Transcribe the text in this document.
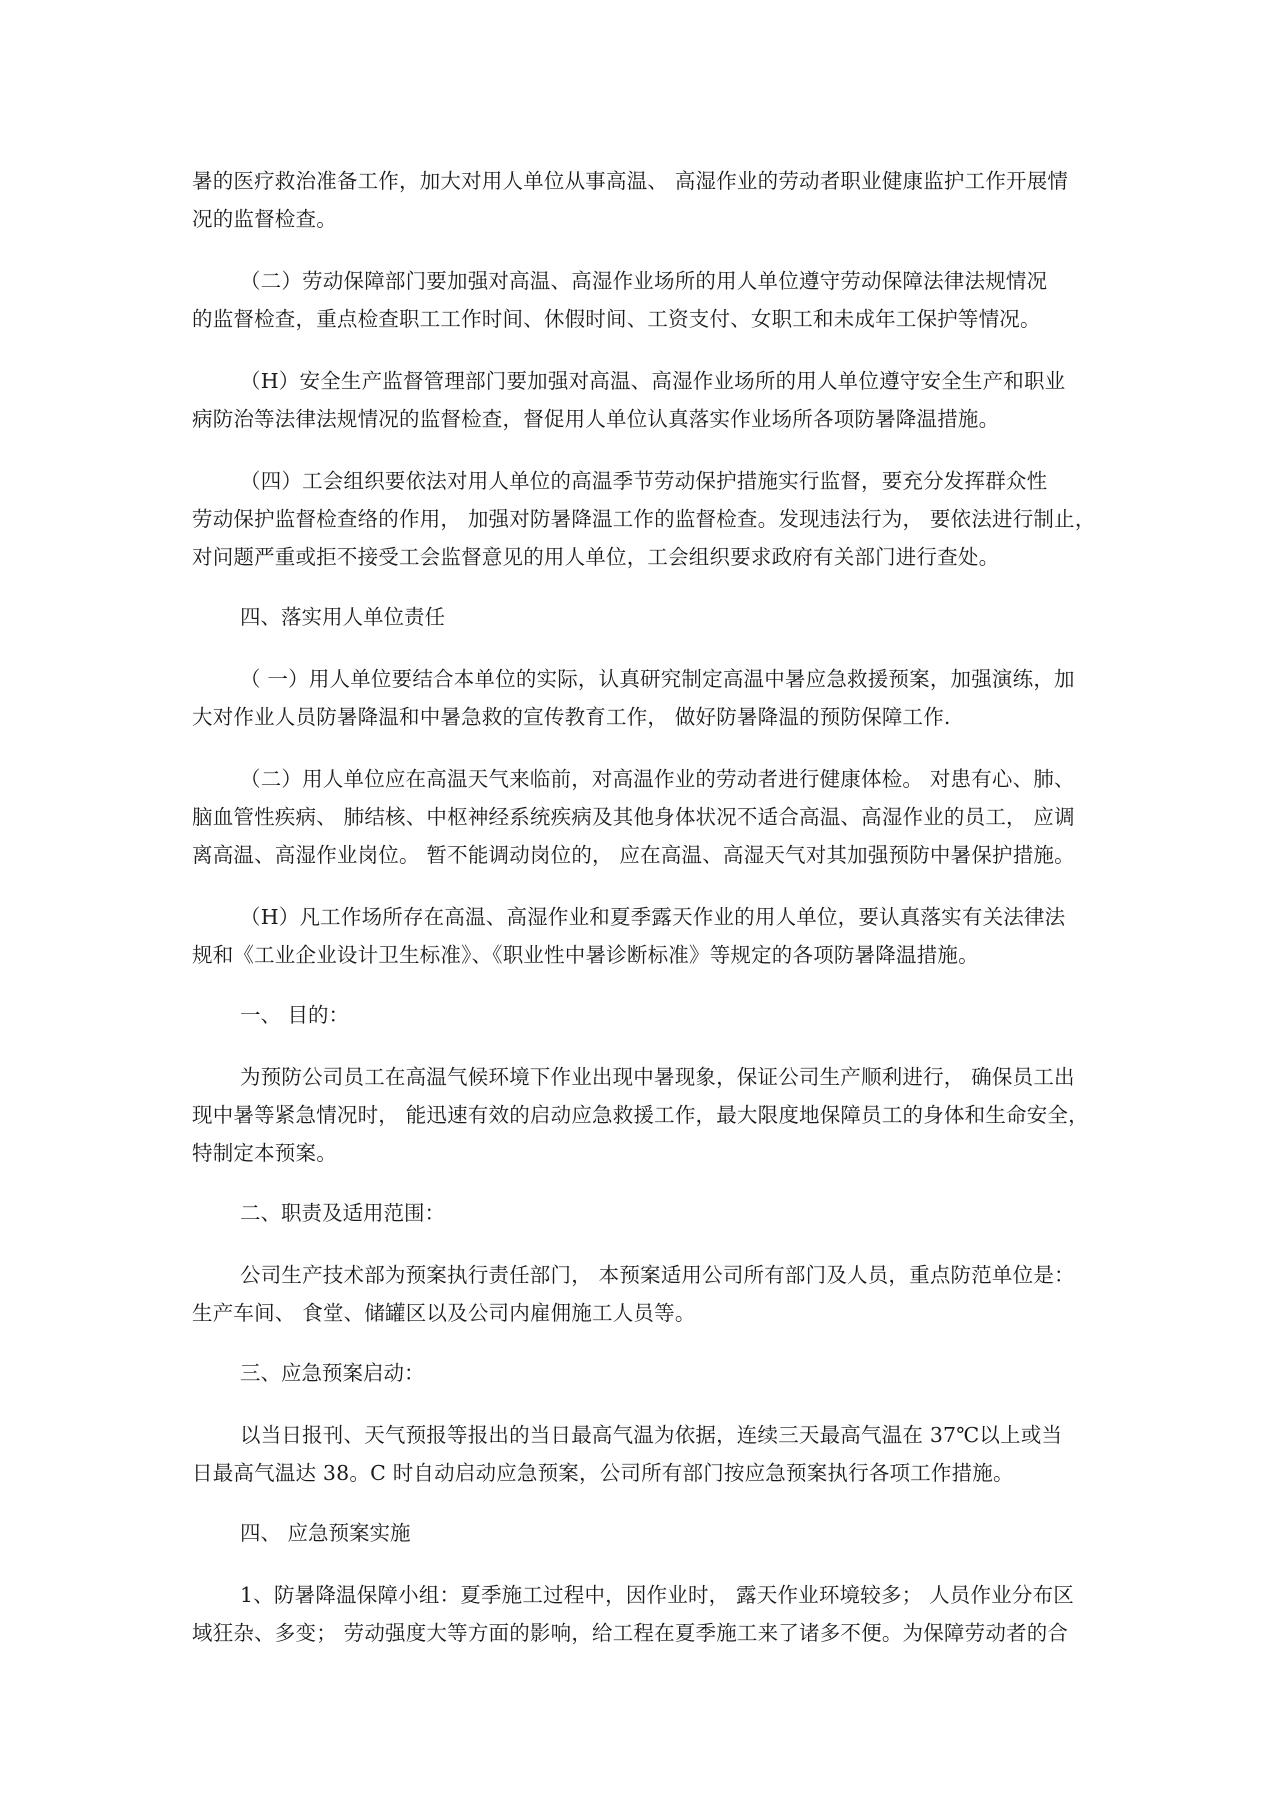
暑的医疗救治准备工作，加大对用人单位从事高温、 高湿作业的劳动者职业健康监护工作开展情
况的监督检查。
（二）劳动保障部门要加强对高温、高湿作业场所的用人单位遵守劳动保障法律法规情况
的监督检查，重点检查职工工作时间、休假时间、工资支付、女职工和未成年工保护等情况。
（H）安全生产监督管理部门要加强对高温、高湿作业场所的用人单位遵守安全生产和职业
病防治等法律法规情况的监督检查，督促用人单位认真落实作业场所各项防暑降温措施。
（四）工会组织要依法对用人单位的高温季节劳动保护措施实行监督，要充分发挥群众性
劳动保护监督检查络的作用， 加强对防暑降温工作的监督检查。发现违法行为， 要依法进行制止，
对问题严重或拒不接受工会监督意见的用人单位，工会组织要求政府有关部门进行查处。
四、落实用人单位责任
（ 一）用人单位要结合本单位的实际，认真研究制定高温中暑应急救援预案，加强演练，加
大对作业人员防暑降温和中暑急救的宣传教育工作， 做好防暑降温的预防保障工作.
（二）用人单位应在高温天气来临前，对高温作业的劳动者进行健康体检。 对患有心、肺、
脑血管性疾病、 肺结核、中枢神经系统疾病及其他身体状况不适合高温、高湿作业的员工， 应调
离高温、高湿作业岗位。 暂不能调动岗位的， 应在高温、高湿天气对其加强预防中暑保护措施。
（H）凡工作场所存在高温、高湿作业和夏季露天作业的用人单位，要认真落实有关法律法
规和《工业企业设计卫生标准》、《职业性中暑诊断标准》等规定的各项防暑降温措施。
一、 目的：
为预防公司员工在高温气候环境下作业出现中暑现象，保证公司生产顺利进行， 确保员工出
现中暑等紧急情况时， 能迅速有效的启动应急救援工作，最大限度地保障员工的身体和生命安全，
特制定本预案。
二、职责及适用范围：
公司生产技术部为预案执行责任部门， 本预案适用公司所有部门及人员，重点防范单位是：
生产车间、 食堂、储罐区以及公司内雇佣施工人员等。
三、应急预案启动：
以当日报刊、天气预报等报出的当日最高气温为依据，连续三天最高气温在 37℃以上或当
日最高气温达 38。C 时自动启动应急预案，公司所有部门按应急预案执行各项工作措施。
四、 应急预案实施
1、防暑降温保障小组：夏季施工过程中，因作业时， 露天作业环境较多； 人员作业分布区
域狂杂、多变； 劳动强度大等方面的影响，给工程在夏季施工来了诸多不便。为保障劳动者的合
